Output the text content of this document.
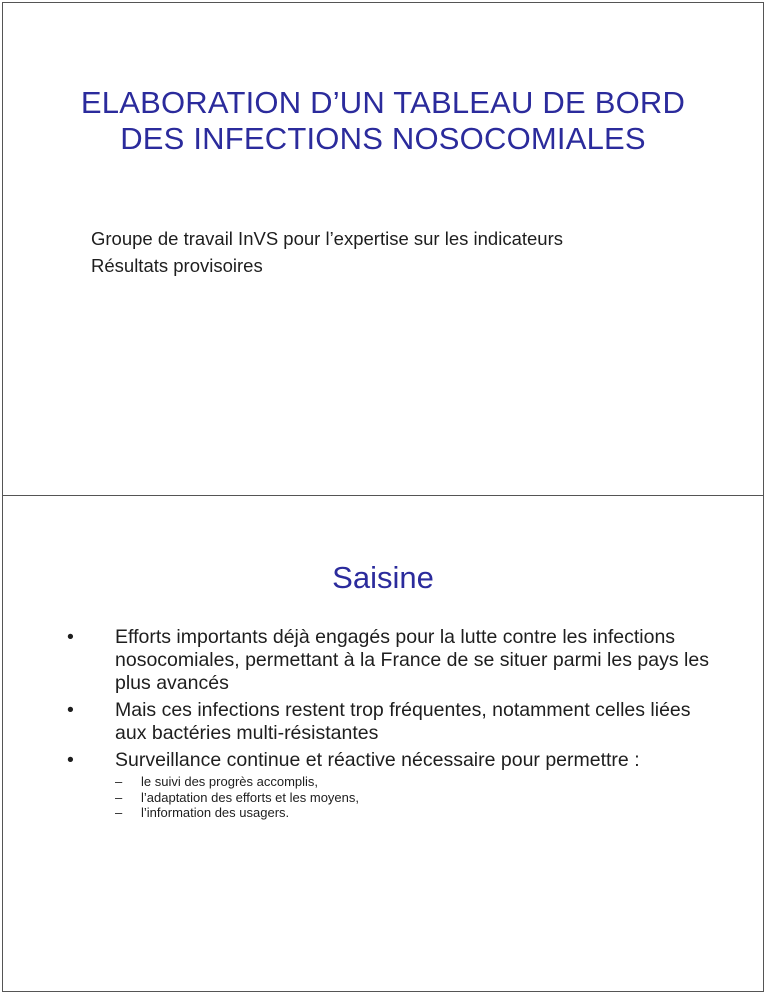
ELABORATION D’UN TABLEAU DE BORD
DES INFECTIONS NOSOCOMIALES
Groupe de travail InVS pour l’expertise sur les indicateurs
Résultats provisoires
Saisine
•	Efforts importants déjà engagés pour la lutte contre les infections nosocomiales, permettant à la France de se situer parmi les pays les plus avancés
•	Mais ces infections restent trop fréquentes, notamment celles liées aux bactéries multi-résistantes
•	Surveillance continue et réactive nécessaire pour permettre :
– le suivi des progrès accomplis,
– l’adaptation des efforts et les moyens,
– l’information des usagers.
